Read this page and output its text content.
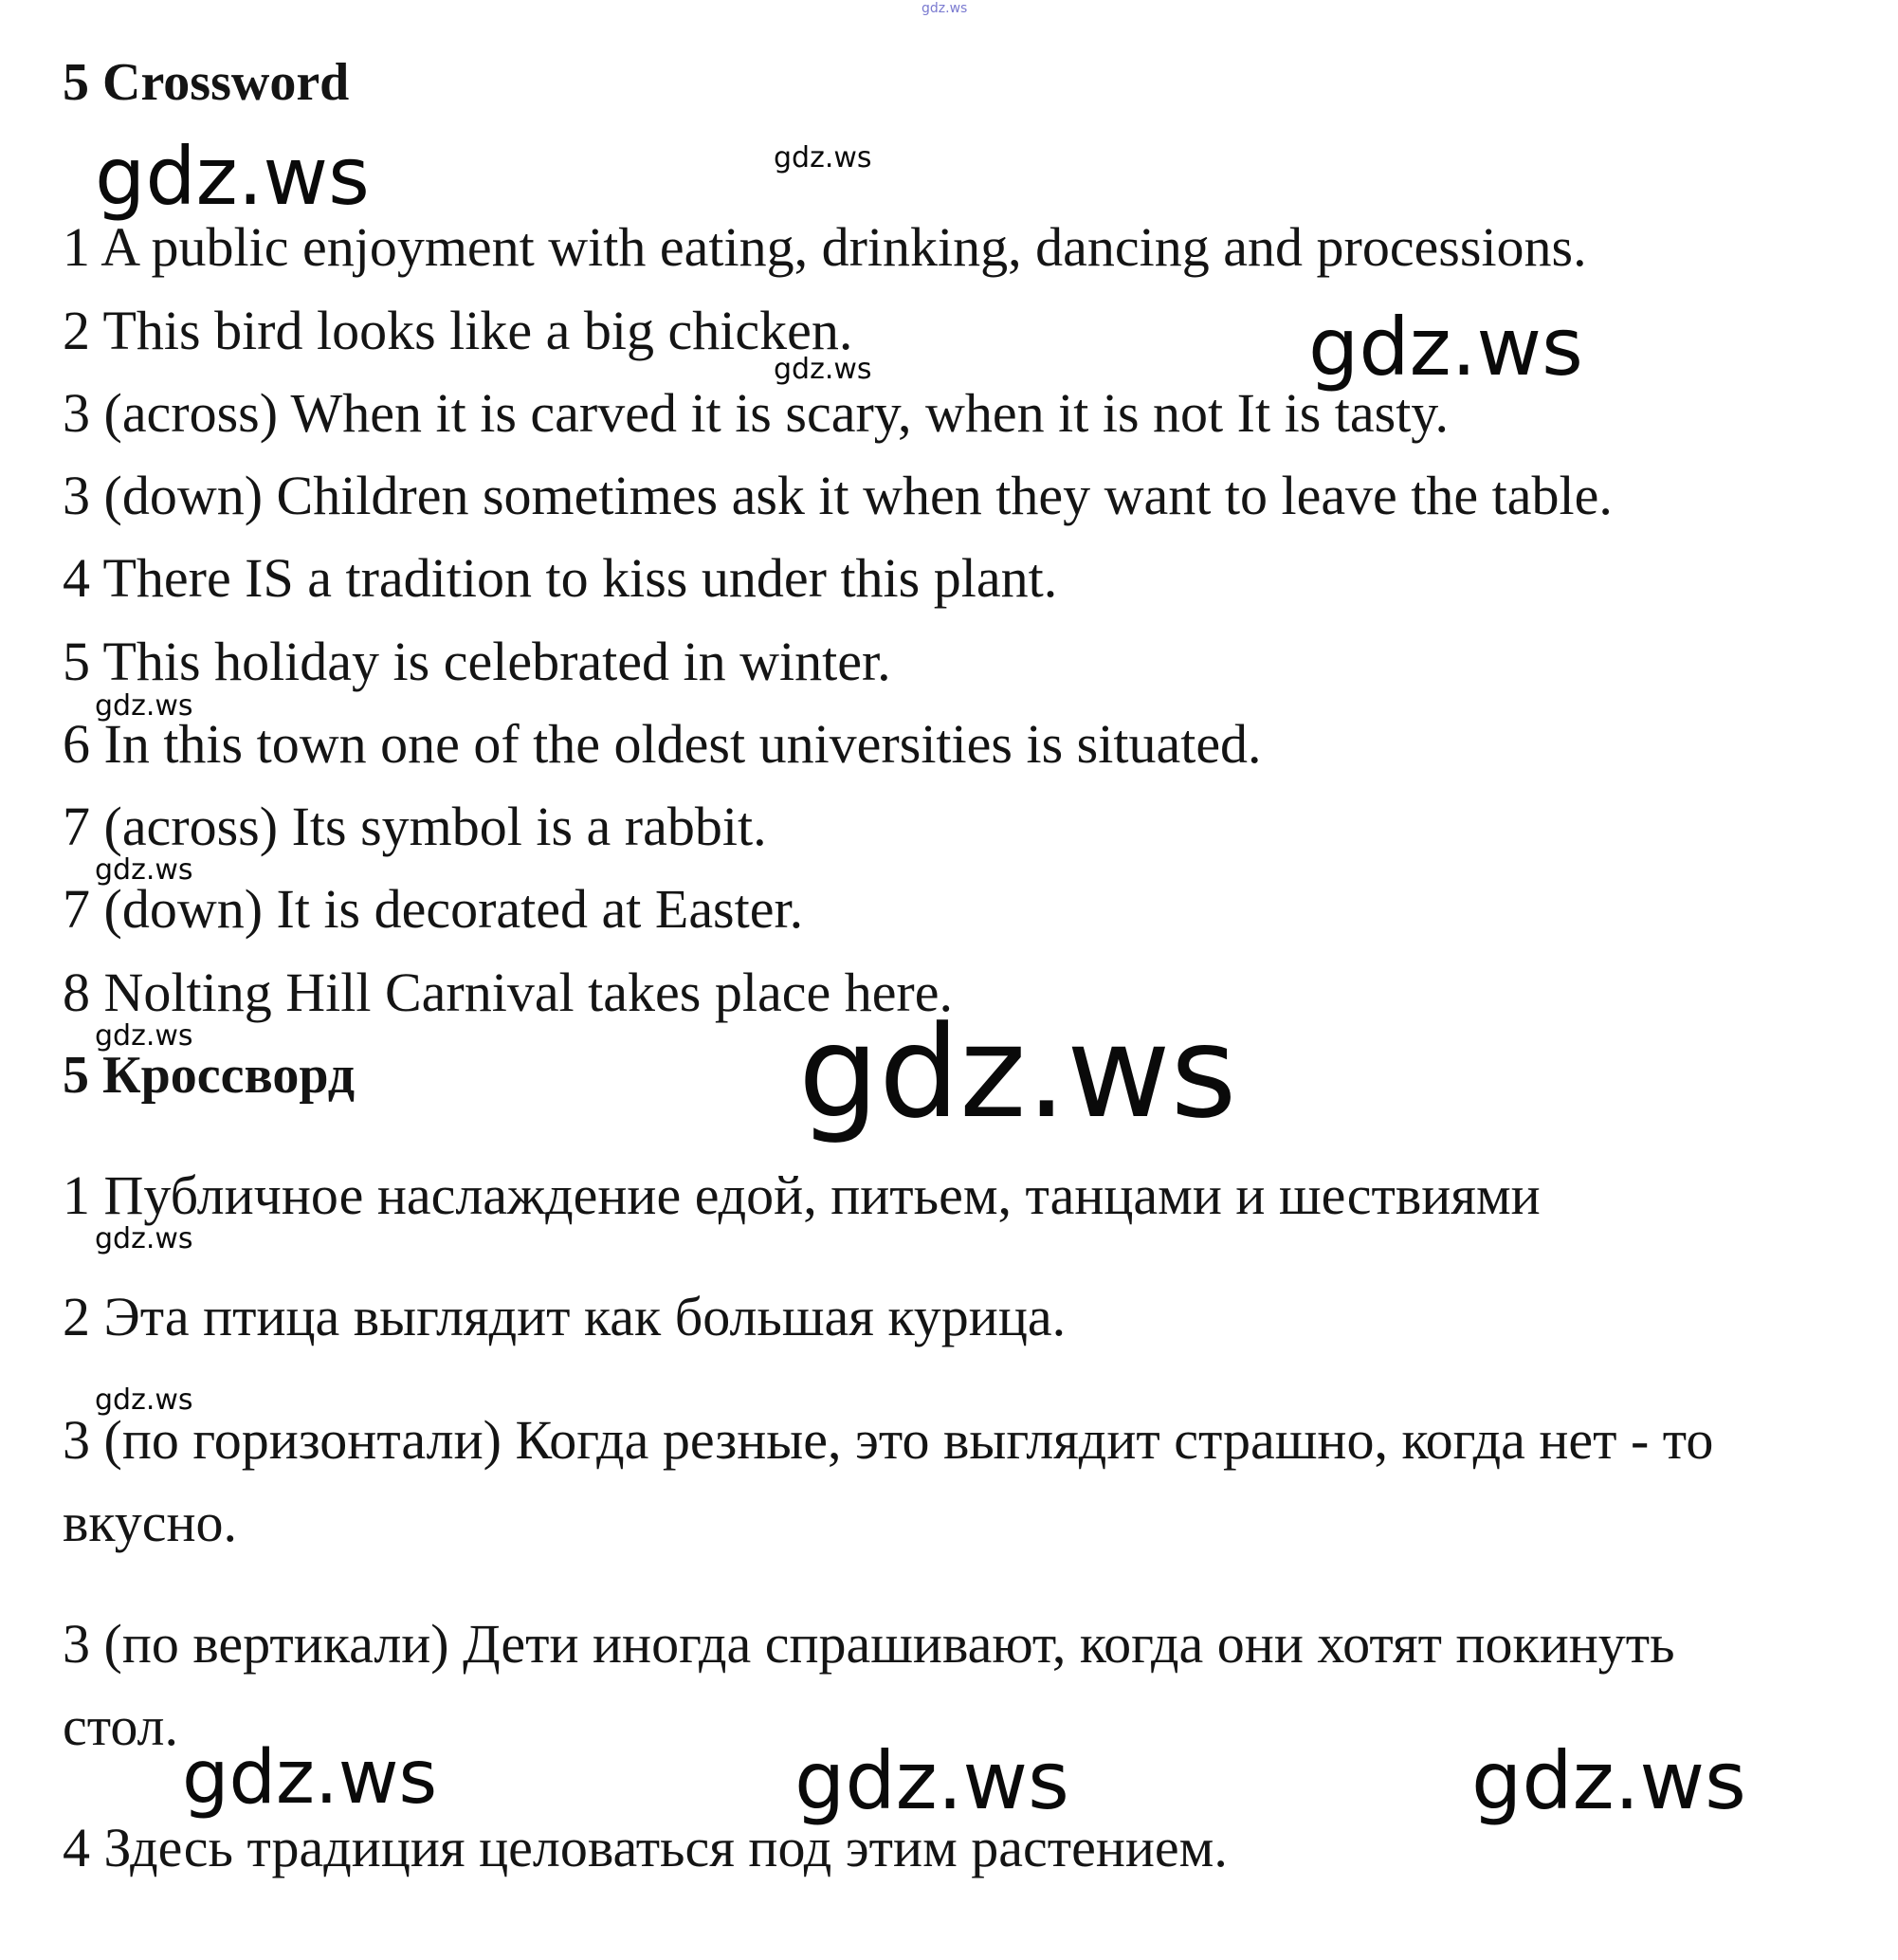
5 Crossword

1 A public enjoyment with eating, drinking, dancing and processions.

2 This bird looks like a big chicken.

3 (across) When it is carved it is scary, when it is not It is tasty.

3 (down) Children sometimes ask it when they want to leave the table.

4 There IS a tradition to kiss under this plant.

5 This holiday is celebrated in winter.

6 In this town one of the oldest universities is situated.

7 (across) Its symbol is a rabbit.

7 (down) It is decorated at Easter.

8 Nolting Hill Carnival takes place here.

5 Кроссворд

1 Публичное наслаждение едой, питьем, танцами и шествиями

2 Эта птица выглядит как большая курица.

3 (по горизонтали) Когда резные, это выглядит страшно, когда нет - то

вкусно.

3 (по вертикали) Дети иногда спрашивают, когда они хотят покинуть

стол.

4 Здесь традиция целоваться под этим растением.

gdz.ws

gdz.ws	gdz.ws

gdz.ws

gdz.ws

gdz.ws

gdz.ws

gdz.ws	gdz.ws

gdz.ws

gdz.ws

gdz.ws	gdz.ws	gdz.ws
